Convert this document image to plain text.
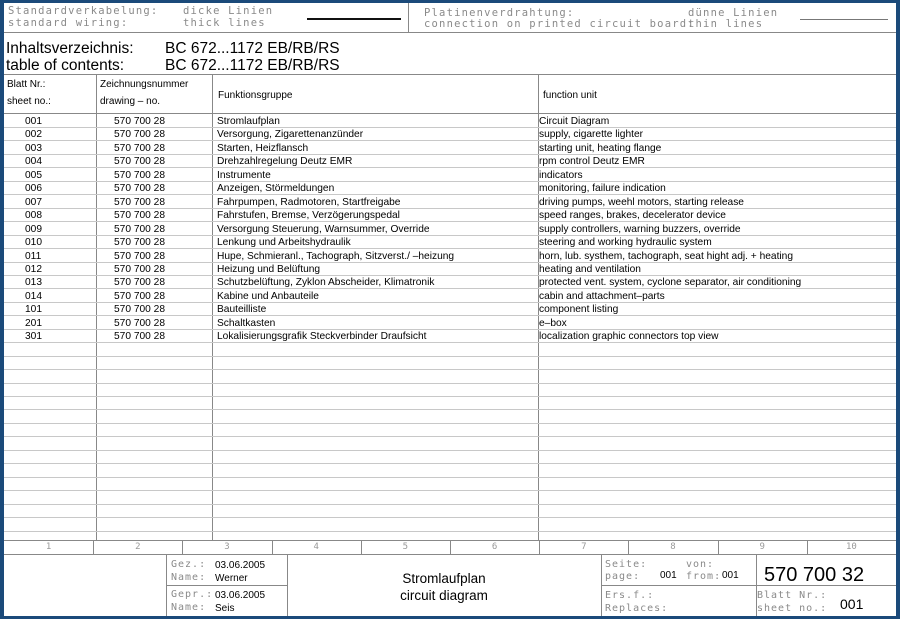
Standardverkabelung: dicke Linien
standard wiring:	thick lines
Platinenverdrahtung:	dünne Linien
connection on printed circuit board:
thin lines
Inhaltsverzeichnis: BC 672...1172 EB/RB/RS
table of contents:	BC 672...1172 EB/RB/RS
Blatt Nr.:
sheet no.:
Zeichnungsnummer
drawing – no.
Funktionsgruppe	function unit
001	570 700 28	Stromlaufplan	Circuit Diagram
002	570 700 28	Versorgung, Zigarettenanzünder	supply, cigarette lighter
003	570 700 28	Starten, Heizflansch	starting unit, heating flange
004	570 700 28	Drehzahlregelung Deutz EMR	rpm control Deutz EMR
005	570 700 28	Instrumente	indicators
006	570 700 28	Anzeigen, Störmeldungen	monitoring, failure indication
007	570 700 28	Fahrpumpen, Radmotoren, Startfreigabe	driving pumps, weehl motors, starting release
008	570 700 28	Fahrstufen, Bremse, Verzögerungspedal	speed ranges, brakes, decelerator device
009	570 700 28	Versorgung Steuerung, Warnsummer, Override	supply controllers, warning buzzers, override
010	570 700 28	Lenkung und Arbeitshydraulik	steering and working hydraulic system
011	570 700 28	Hupe, Schmieranl., Tachograph, Sitzverst./ –heizung	horn, lub. systhem, tachograph, seat hight adj. + heating
012	570 700 28	Heizung und Belüftung	heating and ventilation
013	570 700 28	Schutzbelüftung, Zyklon Abscheider, Klimatronik	protected vent. system, cyclone separator, air conditioning
014	570 700 28	Kabine und Anbauteile	cabin and attachment–parts
101	570 700 28	Bauteilliste	component listing
201	570 700 28	Schaltkasten	e–box
301	570 700 28	Lokalisierungsgrafik Steckverbinder Draufsicht	localization graphic connectors top view
1	2	3	4	5	6	7	8	9	10
Gez.: 03.06.2005
Name: Werner
Gepr.: 03.06.2005
Name: Seis
Stromlaufplan
circuit diagram
Seite:
page: 001
von:
from: 001 570 700 32
Ers.f.:
Replaces:
Blatt Nr.:
sheet no.: 001
